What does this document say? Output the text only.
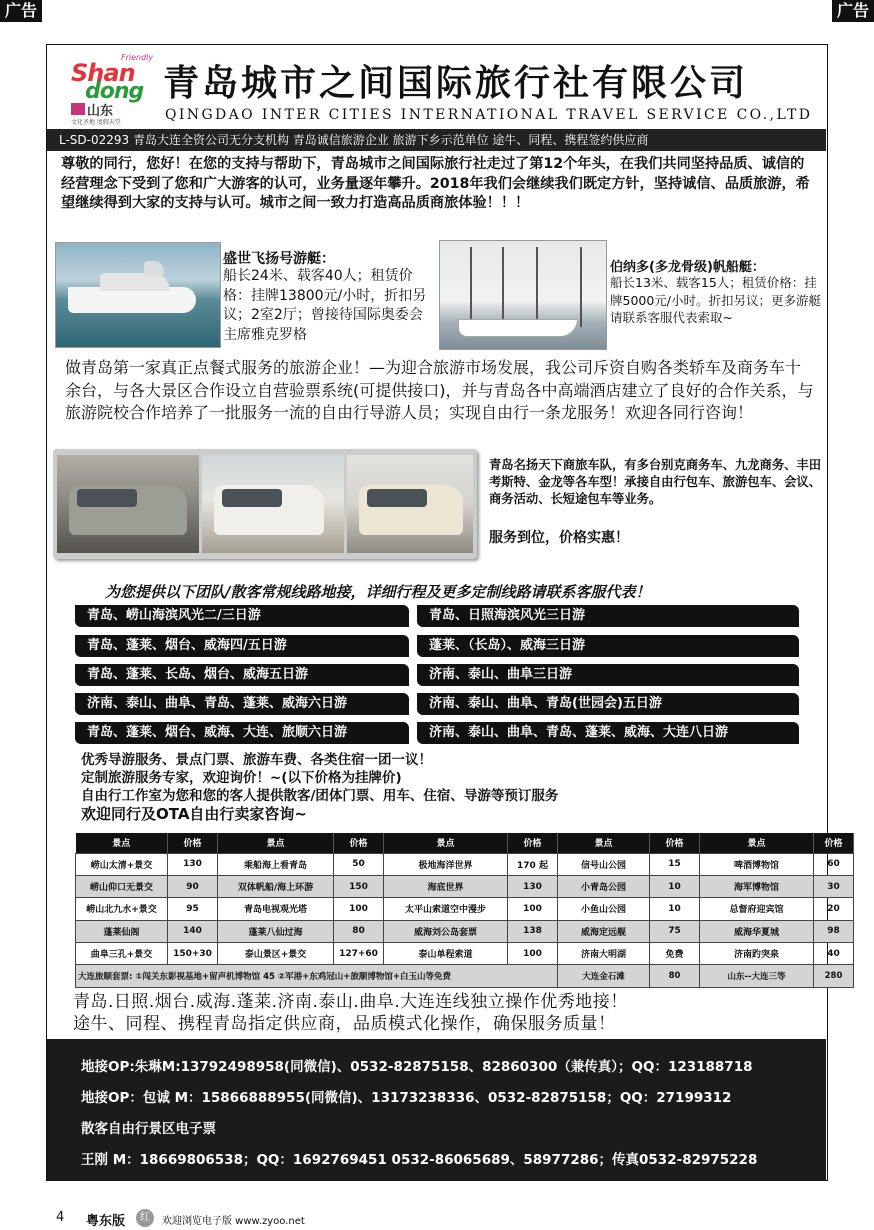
广告	广告
Friendly
Shan
dong
山东
文化圣地 度假天堂
青岛城市之间国际旅行社有限公司
QINGDAO INTER CITIES INTERNATIONAL TRAVEL SERVICE CO.,LTD
L-SD-02293 青岛大连全资公司无分支机构 青岛诚信旅游企业 旅游下乡示范单位 途牛、同程、携程签约供应商
尊敬的同行，您好！在您的支持与帮助下，青岛城市之间国际旅行社走过了第12个年头，在我们共同坚持品质、诚信的经营理念下受到了您和广大游客的认可，业务量逐年攀升。2018年我们会继续我们既定方针，坚持诚信、品质旅游，希望继续得到大家的支持与认可。城市之间一致力打造高品质商旅体验！！！
盛世飞扬号游艇：
船长24米、载客40人；租赁价格：挂牌13800元/小时，折扣另议；2室2厅；曾接待国际奥委会主席雅克罗格
伯纳多(多龙骨级)帆船艇：
船长13米、载客15人；租赁价格：挂牌5000元/小时。折扣另议；更多游艇请联系客服代表索取~
做青岛第一家真正点餐式服务的旅游企业！—为迎合旅游市场发展，我公司斥资自购各类轿车及商务车十余台，与各大景区合作设立自营验票系统(可提供接口)，并与青岛各中高端酒店建立了良好的合作关系，与旅游院校合作培养了一批服务一流的自由行导游人员；实现自由行一条龙服务！欢迎各同行咨询！
青岛名扬天下商旅车队，有多台别克商务车、九龙商务、丰田考斯特、金龙等各车型！承接自由行包车、旅游包车、会议、商务活动、长短途包车等业务。
服务到位，价格实惠！
为您提供以下团队/散客常规线路地接，详细行程及更多定制线路请联系客服代表！
青岛、崂山海滨风光二/三日游	青岛、日照海滨风光三日游
青岛、蓬莱、烟台、威海四/五日游	蓬莱、（长岛）、威海三日游
青岛、蓬莱、长岛、烟台、威海五日游	济南、泰山、曲阜三日游
济南、泰山、曲阜、青岛、蓬莱、威海六日游	济南、泰山、曲阜、青岛(世园会)五日游
青岛、蓬莱、烟台、威海、大连、旅顺六日游	济南、泰山、曲阜、青岛、蓬莱、威海、大连八日游
优秀导游服务、景点门票、旅游车费、各类住宿一团一议！
定制旅游服务专家，欢迎询价！~(以下价格为挂牌价)
自由行工作室为您和您的客人提供散客/团体门票、用车、住宿、导游等预订服务
欢迎同行及OTA自由行卖家咨询~
景点	价格	景点	价格	景点	价格	景点	价格	景点	价格
崂山太清+景交	130	乘船海上看青岛	50	极地海洋世界	170 起	信号山公园	15	啤酒博物馆	60
崂山仰口无景交	90	双体帆船/海上环游	150	海底世界	130	小青岛公园	10	海军博物馆	30
崂山北九水+景交	95	青岛电视观光塔	100	太平山索道空中漫步	100	小鱼山公园	10	总督府迎宾馆	20
蓬莱仙阁	140	蓬莱八仙过海	80	威海刘公岛套票	138	威海定远舰	75	威海华夏城	98
曲阜三孔+景交	150+30	泰山景区+景交	127+60	泰山单程索道	100	济南大明湖	免费	济南趵突泉	40
大连旅顺套票: ①闯关东影视基地+留声机博物馆 45 ②军港+东鸡冠山+旅顺博物馆+白玉山等免费						大连金石滩	80	山东--大连三等	280
青岛.日照.烟台.威海.蓬莱.济南.泰山.曲阜.大连连线独立操作优秀地接！
途牛、同程、携程青岛指定供应商，品质模式化操作，确保服务质量！
地接OP:朱琳M:13792498958(同微信)、0532-82875158、82860300（兼传真）；QQ：123188718
地接OP：包诚 M：15866888955(同微信)、13173238336、0532-82875158；QQ：27199312
散客自由行景区电子票
王刚 M：18669806538；QQ：1692769451 0532-86065689、58977286；传真0532-82975228
4 粤东版	红	欢迎浏览电子版 www.zyoo.net
